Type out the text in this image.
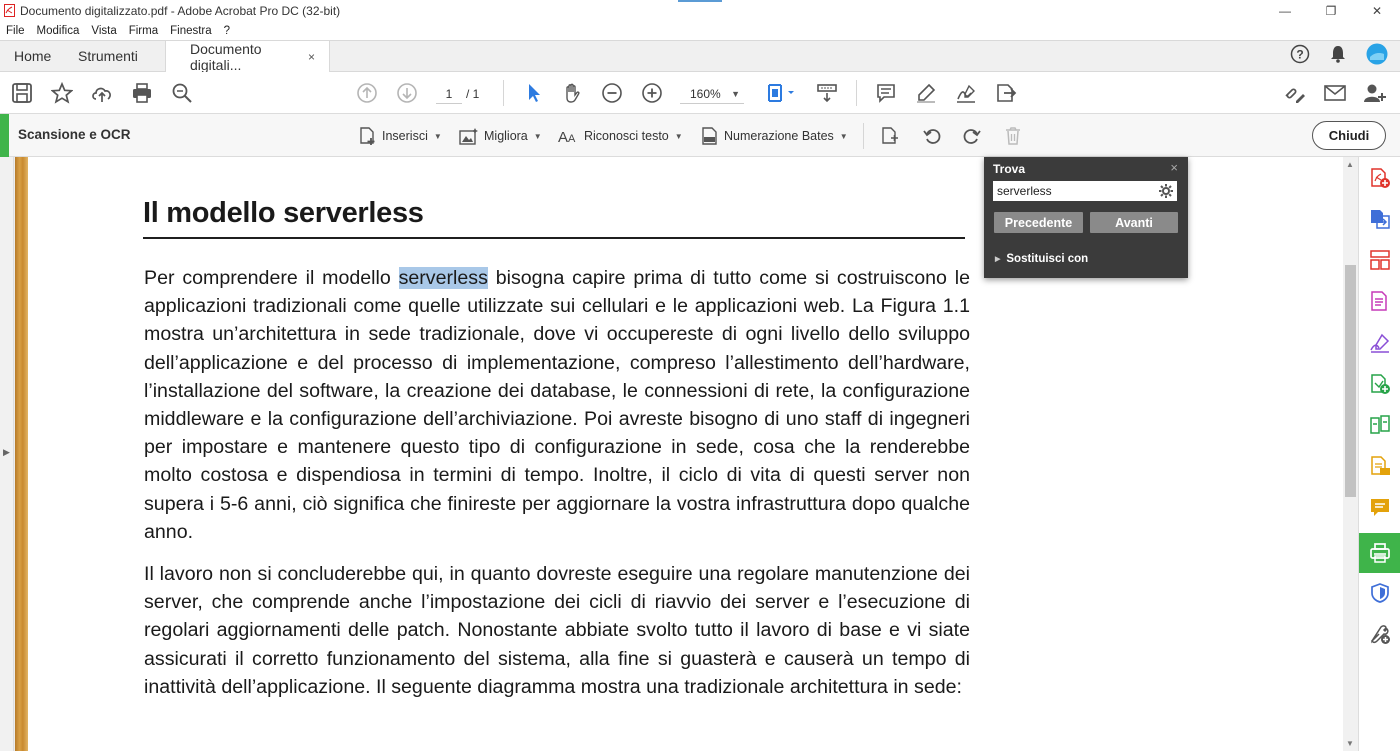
Documento digitalizzato.pdf - Adobe Acrobat Pro DC (32-bit)	—	❐	✕
File	Modifica	Vista	Firma	Finestra	?
Home	Strumenti	Documento digitali...	×	?
1	/ 1	160% ▼
Scansione e OCR	Inserisci ▼	Migliora ▼ A A Riconosci testo ▼	Numerazione Bates ▼	Chiudi
▶
Il modello serverless

Per comprendere il modello serverless bisogna capire prima di tutto come si costruiscono le applicazioni tradizionali come quelle utilizzate sui cellulari e le applicazioni web. La Figura 1.1 mostra un’architettura in sede tradizionale, dove vi occupereste di ogni livello dello sviluppo dell’applicazione e del processo di implementazione, compreso l’allestimento dell’hardware, l’installazione del software, la creazione dei database, le connessioni di rete, la configurazione middleware e la configurazione dell’archiviazione. Poi avreste bisogno di uno staff di ingegneri per impostare e mantenere questo tipo di configurazione in sede, cosa che la renderebbe molto costosa e dispendiosa in termini di tempo. Inoltre, il ciclo di vita di questi server non supera i 5-6 anni, ciò significa che finireste per aggiornare la vostra infrastruttura dopo qualche anno.

Il lavoro non si concluderebbe qui, in quanto dovreste eseguire una regolare manutenzione dei server, che comprende anche l’impostazione dei cicli di riavvio dei server e l’esecuzione di regolari aggiornamenti delle patch. Nonostante abbiate svolto tutto il lavoro di base e vi siate assicurati il corretto funzionamento del sistema, alla fine si guasterà e causerà un tempo di inattività dell’applicazione. Il seguente diagramma mostra una tradizionale architettura in sede:

▲
▼
Trova	×
serverless
Precedente	Avanti
▶ Sostituisci con
